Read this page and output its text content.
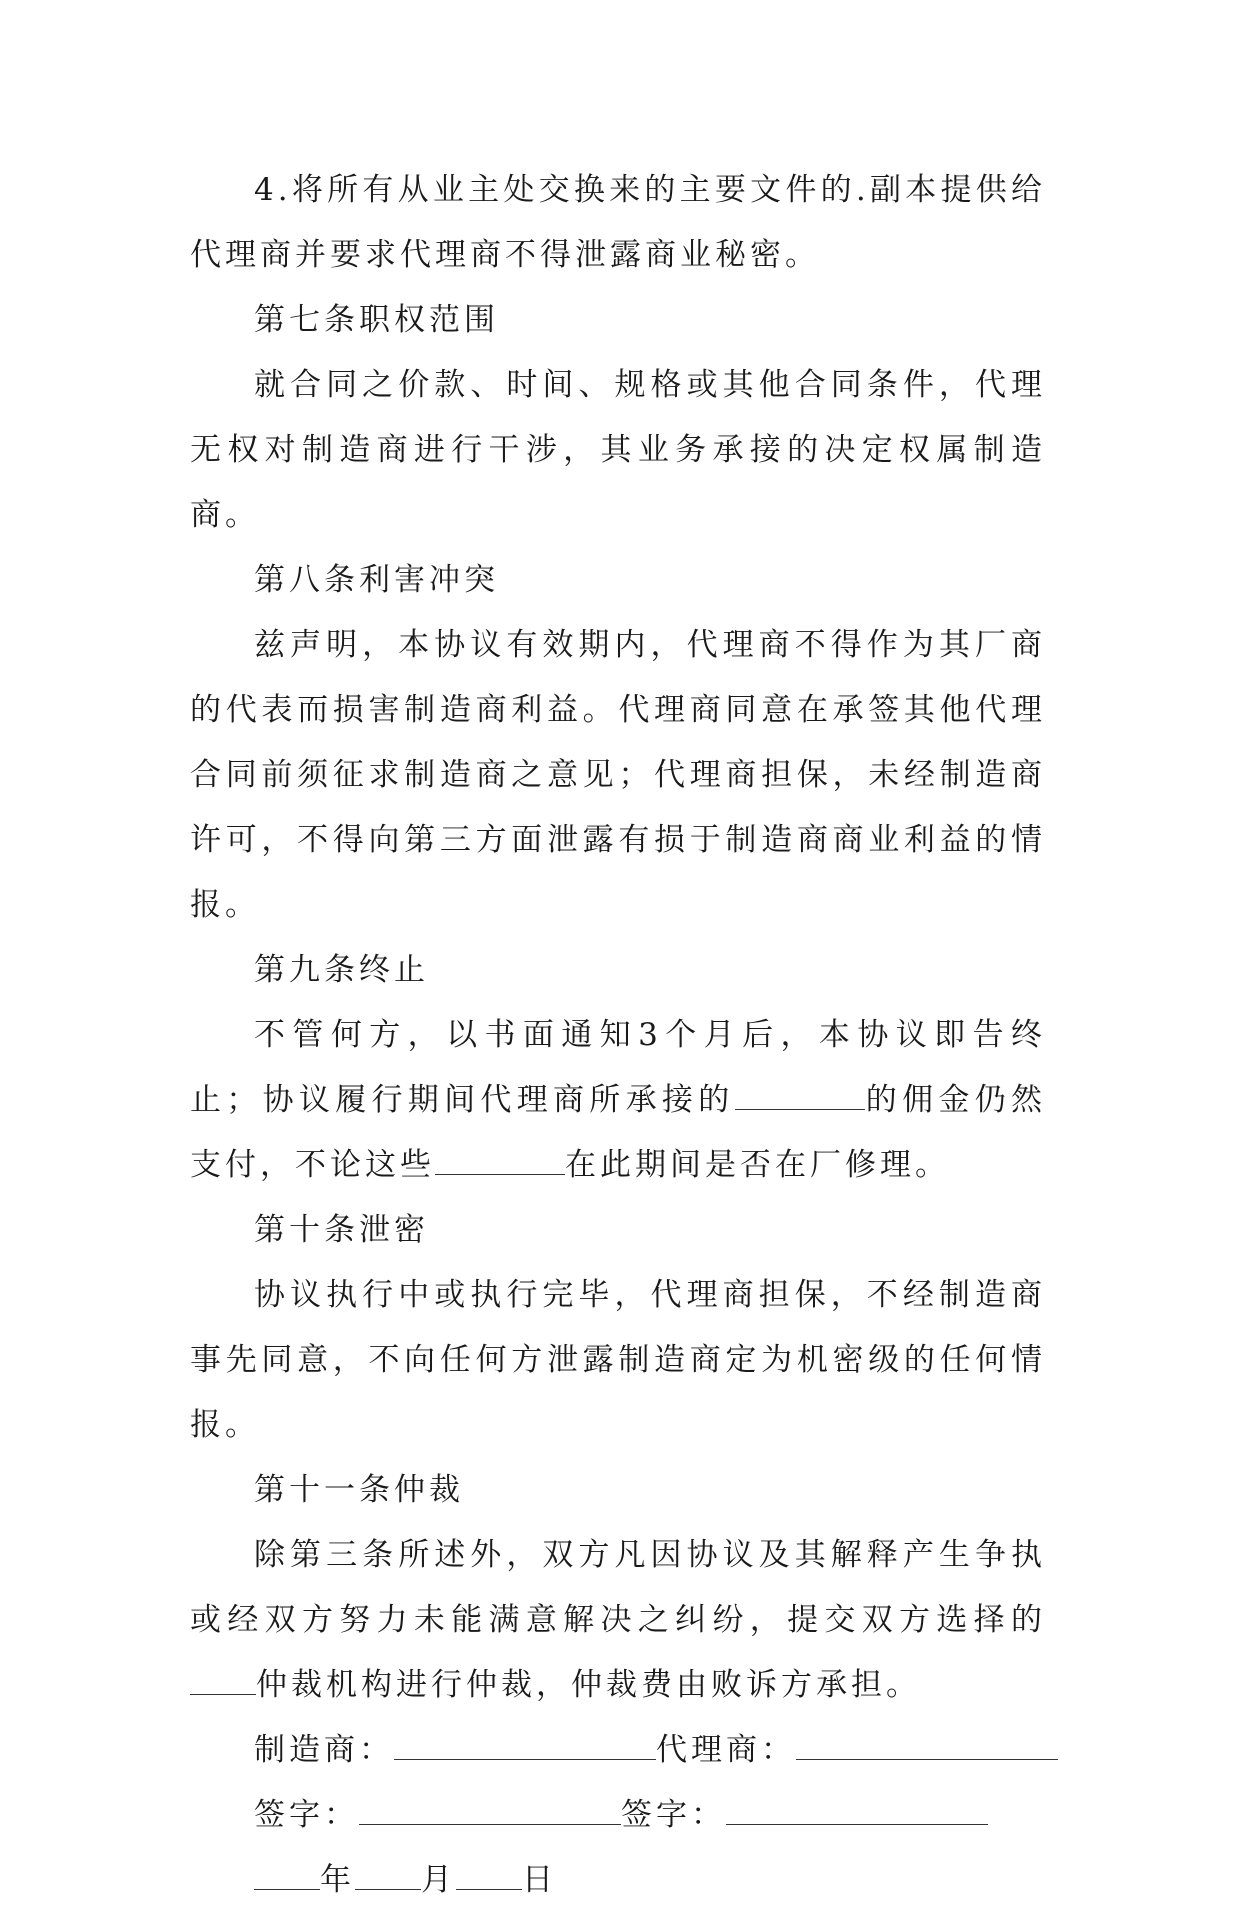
4.将所有从业主处交换来的主要文件的.副本提供给代理商并要求代理商不得泄露商业秘密。

第七条职权范围

就合同之价款、时间、规格或其他合同条件，代理无权对制造商进行干涉，其业务承接的决定权属制造商。

第八条利害冲突

兹声明，本协议有效期内，代理商不得作为其厂商的代表而损害制造商利益。代理商同意在承签其他代理合同前须征求制造商之意见；代理商担保，未经制造商许可，不得向第三方面泄露有损于制造商商业利益的情报。

第九条终止

不管何方，以书面通知3个月后，本协议即告终止；协议履行期间代理商所承接的	的佣金仍然支付，不论这些	在此期间是否在厂修理。

第十条泄密

协议执行中或执行完毕，代理商担保，不经制造商事先同意，不向任何方泄露制造商定为机密级的任何情报。

第十一条仲裁

除第三条所述外，双方凡因协议及其解释产生争执或经双方努力未能满意解决之纠纷，提交双方选择的仲裁机构进行仲裁，仲裁费由败诉方承担。

制造商：	代理商：

签字：	签字：

年 月 日
